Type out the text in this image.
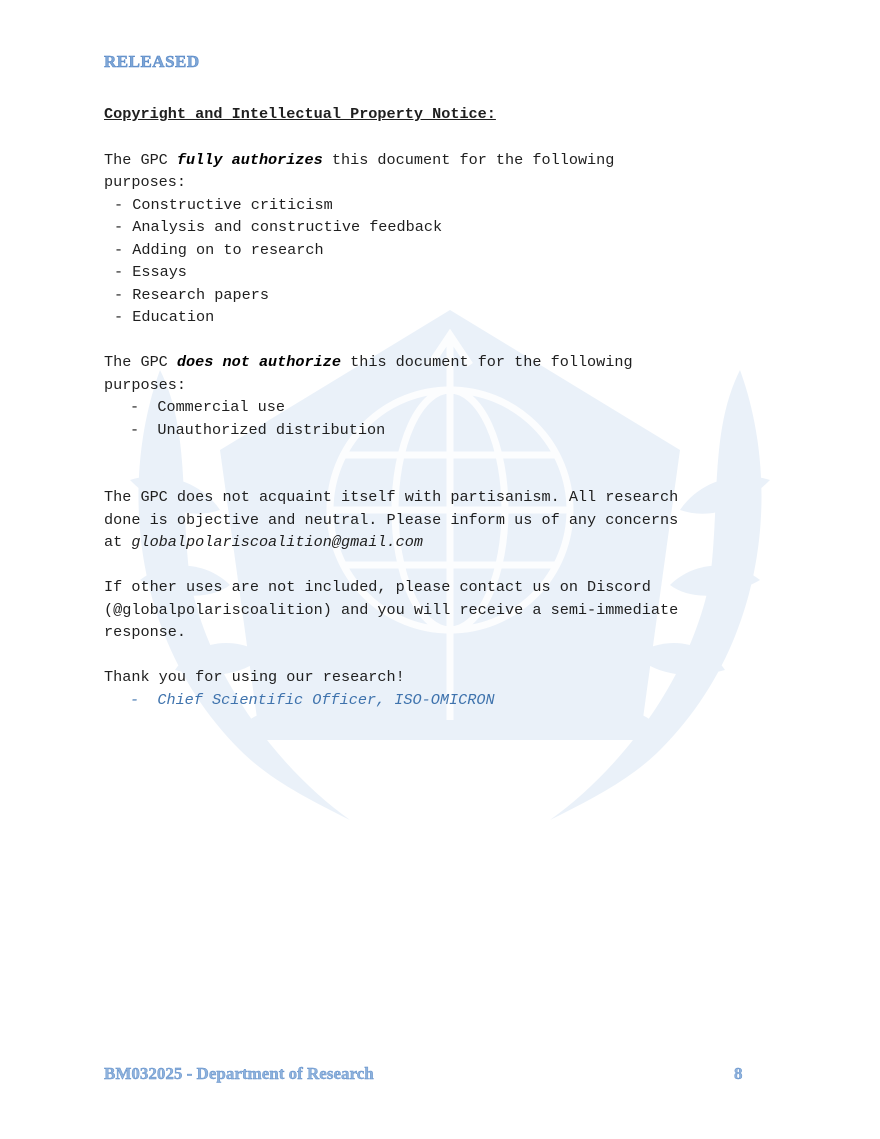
RELEASED
Copyright and Intellectual Property Notice:
The GPC fully authorizes this document for the following
purposes:
- Constructive criticism
- Analysis and constructive feedback
- Adding on to research
- Essays
- Research papers
- Education
The GPC does not authorize this document for the following
purposes:
-  Commercial use
-  Unauthorized distribution
The GPC does not acquaint itself with partisanism. All research
done is objective and neutral. Please inform us of any concerns
at globalpolariscoalition@gmail.com
If other uses are not included, please contact us on Discord
(@globalpolariscoalition) and you will receive a semi-immediate
response.
Thank you for using our research!
-  Chief Scientific Officer, ISO-OMICRON
BM032025 - Department of Research	8
